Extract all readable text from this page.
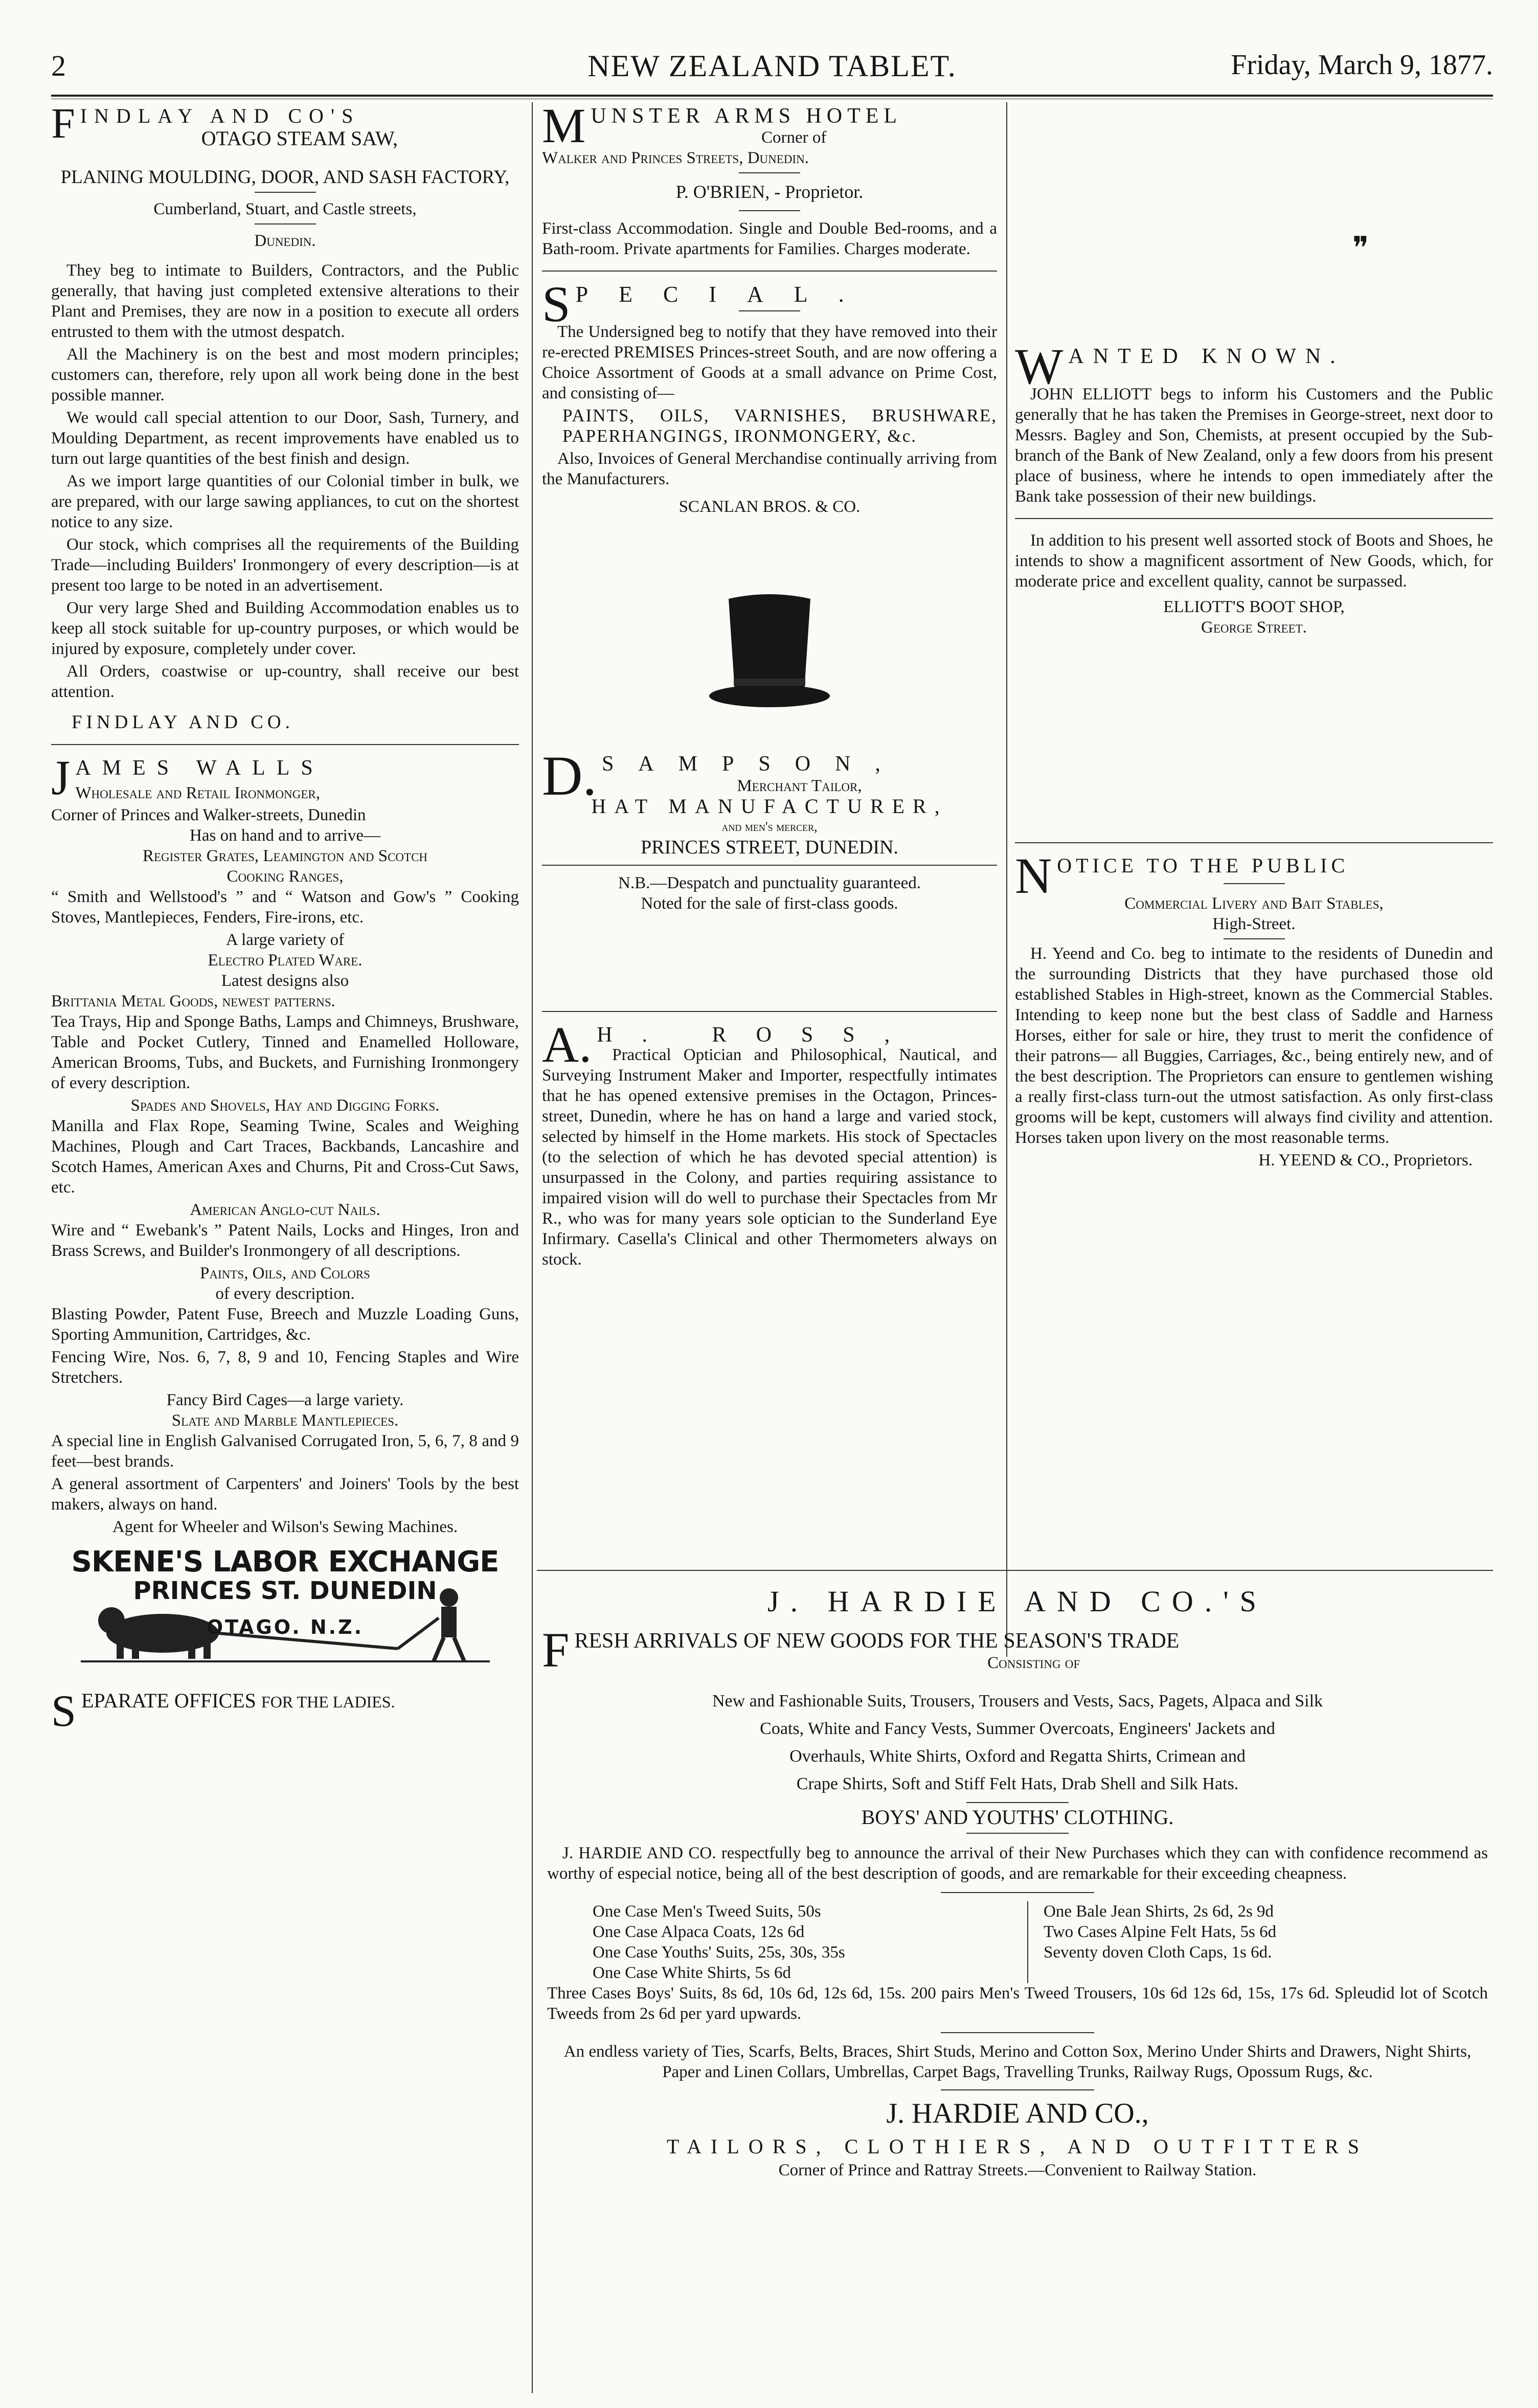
2	NEW ZEALAND TABLET.	Friday, March 9, 1877.
F INDLAY AND CO'S

OTAGO STEAM SAW,
PLANING MOULDING, DOOR, AND SASH FACTORY,
Cumberland, Stuart, and Castle streets,
Dunedin.

They beg to intimate to Builders, Contractors, and the Public generally, that having just completed extensive alterations to their Plant and Premises, they are now in a position to execute all orders entrusted to them with the utmost despatch.

All the Machinery is on the best and most modern principles; customers can, therefore, rely upon all work being done in the best possible manner.

We would call special attention to our Door, Sash, Turnery, and Moulding Department, as recent improvements have enabled us to turn out large quantities of the best finish and design.

As we import large quantities of our Colonial timber in bulk, we are prepared, with our large sawing appliances, to cut on the shortest notice to any size.

Our stock, which comprises all the requirements of the Building Trade—including Builders' Ironmongery of every description—is at present too large to be noted in an advertisement.

Our very large Shed and Building Accommodation enables us to keep all stock suitable for up-country purposes, or which would be injured by exposure, completely under cover.

All Orders, coastwise or up-country, shall receive our best attention.

FINDLAY AND CO.
J AMES WALLS
Wholesale and Retail Ironmonger,
Corner of Princes and Walker-streets, Dunedin
Has on hand and to arrive—
Register Grates, Leamington and Scotch
Cooking Ranges,

“ Smith and Wellstood's ” and “ Watson and Gow's ” Cooking Stoves, Mantlepieces, Fenders, Fire-irons, etc.

A large variety of
Electro Plated Ware.
Latest designs also
Brittania Metal Goods, newest patterns.

Tea Trays, Hip and Sponge Baths, Lamps and Chimneys, Brushware, Table and Pocket Cutlery, Tinned and Enamelled Holloware, American Brooms, Tubs, and Buckets, and Furnishing Ironmongery of every description.

Spades and Shovels, Hay and Digging Forks.

Manilla and Flax Rope, Seaming Twine, Scales and Weighing Machines, Plough and Cart Traces, Backbands, Lancashire and Scotch Hames, American Axes and Churns, Pit and Cross-Cut Saws, etc.

American Anglo-cut Nails.

Wire and “ Ewebank's ” Patent Nails, Locks and Hinges, Iron and Brass Screws, and Builder's Ironmongery of all descriptions.

Paints, Oils, and Colors
of every description.

Blasting Powder, Patent Fuse, Breech and Muzzle Loading Guns, Sporting Ammunition, Cartridges, &c.

Fencing Wire, Nos. 6, 7, 8, 9 and 10, Fencing Staples and Wire Stretchers.

Fancy Bird Cages—a large variety.
Slate and Marble Mantlepieces.

A special line in English Galvanised Corrugated Iron, 5, 6, 7, 8 and 9 feet—best brands.

A general assortment of Carpenters' and Joiners' Tools by the best makers, always on hand.

Agent for Wheeler and Wilson's Sewing Machines.
SKENE'S LABOR EXCHANGE
PRINCES ST. DUNEDIN
OTAGO. N.Z.
SEPARATE OFFICES FOR THE LADIES.
M UNSTER ARMS HOTEL
Corner of
Walker and Princes Streets, Dunedin.
P. O'BRIEN, - Proprietor.

First-class Accommodation. Single and Double Bed-rooms, and a Bath-room. Private apartments for Families. Charges moderate.

S PECIAL.

The Undersigned beg to notify that they have removed into their re-erected PREMISES Princes-street South, and are now offering a Choice Assortment of Goods at a small advance on Prime Cost, and consisting of—

PAINTS, OILS, VARNISHES, BRUSHWARE, PAPERHANGINGS, IRONMONGERY, &c.

Also, Invoices of General Merchandise continually arriving from the Manufacturers.

SCANLAN BROS. & CO.
D. SAMPSON,
Merchant Tailor,
HAT MANUFACTURER,
and men's mercer,
PRINCES STREET, DUNEDIN.
N.B.—Despatch and punctuality guaranteed.
Noted for the sale of first-class goods.
A. H. ROSS,

Practical Optician and Philosophical, Nautical, and Surveying Instrument Maker and Importer, respectfully intimates that he has opened extensive premises in the Octagon, Princes-street, Dunedin, where he has on hand a large and varied stock, selected by himself in the Home markets. His stock of Spectacles (to the selection of which he has devoted special attention) is unsurpassed in the Colony, and parties requiring assistance to impaired vision will do well to purchase their Spectacles from Mr R., who was for many years sole optician to the Sunderland Eye Infirmary. Casella's Clinical and other Thermometers always on stock.

❞
W ANTED KNOWN.

JOHN ELLIOTT begs to inform his Customers and the Public generally that he has taken the Premises in George-street, next door to Messrs. Bagley and Son, Chemists, at present occupied by the Sub-branch of the Bank of New Zealand, only a few doors from his present place of business, where he intends to open immediately after the Bank take possession of their new buildings.

In addition to his present well assorted stock of Boots and Shoes, he intends to show a magnificent assortment of New Goods, which, for moderate price and excellent quality, cannot be surpassed.

ELLIOTT'S BOOT SHOP,
George Street.
N OTICE TO THE PUBLIC
Commercial Livery and Bait Stables,
High-Street.

H. Yeend and Co. beg to intimate to the residents of Dunedin and the surrounding Districts that they have purchased those old established Stables in High-street, known as the Commercial Stables. Intending to keep none but the best class of Saddle and Harness Horses, either for sale or hire, they trust to merit the confidence of their patrons— all Buggies, Carriages, &c., being entirely new, and of the best description. The Proprietors can ensure to gentlemen wishing a really first-class turn-out the utmost satisfaction. As only first-class grooms will be kept, customers will always find civility and attention. Horses taken upon livery on the most reasonable terms.

H. YEEND & CO., Proprietors.
J. HARDIE AND CO.'S
F RESH ARRIVALS OF NEW GOODS FOR THE SEASON'S TRADE
Consisting of
New and Fashionable Suits, Trousers, Trousers and Vests, Sacs, Pagets, Alpaca and Silk
Coats, White and Fancy Vests, Summer Overcoats, Engineers' Jackets and
Overhauls, White Shirts, Oxford and Regatta Shirts, Crimean and
Crape Shirts, Soft and Stiff Felt Hats, Drab Shell and Silk Hats.
BOYS' AND YOUTHS' CLOTHING.

J. HARDIE AND CO. respectfully beg to announce the arrival of their New Purchases which they can with confidence recommend as worthy of especial notice, being all of the best description of goods, and are remarkable for their exceeding cheapness.

One Case Men's Tweed Suits, 50s
One Case Alpaca Coats, 12s 6d
One Case Youths' Suits, 25s, 30s, 35s
One Case White Shirts, 5s 6d
One Bale Jean Shirts, 2s 6d, 2s 9d
Two Cases Alpine Felt Hats, 5s 6d
Seventy doven Cloth Caps, 1s 6d.

Three Cases Boys' Suits, 8s 6d, 10s 6d, 12s 6d, 15s. 200 pairs Men's Tweed Trousers, 10s 6d 12s 6d, 15s, 17s 6d. Spleudid lot of Scotch Tweeds from 2s 6d per yard upwards.

An endless variety of Ties, Scarfs, Belts, Braces, Shirt Studs, Merino and Cotton Sox, Merino Under Shirts and Drawers, Night Shirts, Paper and Linen Collars, Umbrellas, Carpet Bags, Travelling Trunks, Railway Rugs, Opossum Rugs, &c.

J. HARDIE AND CO.,
TAILORS, CLOTHIERS, AND OUTFITTERS
Corner of Prince and Rattray Streets.—Convenient to Railway Station.
